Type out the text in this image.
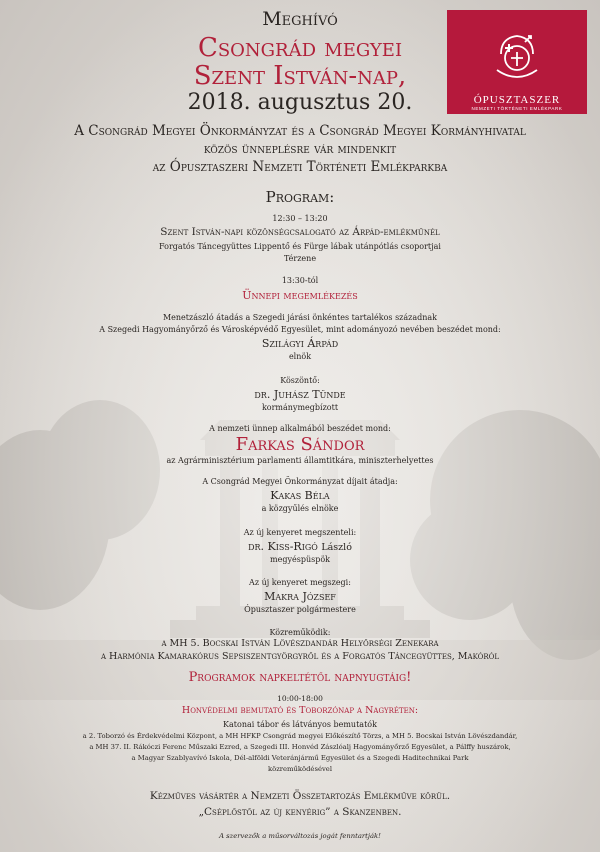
ÓPUSZTASZER
NEMZETI TÖRTÉNETI EMLÉKPARK
Meghívó
Csongrád megyei
Szent István-nap,
2018. augusztus 20.
A Csongrád Megyei Önkormányzat és a Csongrád Megyei Kormányhivatal
közös ünneplésre vár mindenkit
az Ópusztaszeri Nemzeti Történeti Emlékparkba
Program:
12:30 – 13:20
Szent István-napi közönségcsalogató az Árpád-emlékműnél
Forgatós Táncegyüttes Lippentő és Fürge lábak utánpótlás csoportjai
Térzene
13:30-tól
Ünnepi megemlékezés
Menetzászló átadás a Szegedi járási önkéntes tartalékos századnak
A Szegedi Hagyományőrző és Városképvédő Egyesület, mint adományozó nevében beszédet mond:
Szilágyi Árpád
elnök
Köszöntő:
dr. Juhász Tünde
kormánymegbízott
A nemzeti ünnep alkalmából beszédet mond:
Farkas Sándor
az Agrárminisztérium parlamenti államtitkára, miniszterhelyettes
A Csongrád Megyei Önkormányzat díjait átadja:
Kakas Béla
a közgyűlés elnöke
Az új kenyeret megszenteli:
dr. Kiss-Rigó László
megyéspüspök
Az új kenyeret megszegi:
Makra József
Ópusztaszer polgármestere
Közreműködik:
a MH 5. Bocskai István Lövészdandár Helyőrségi Zenekara
a Harmónia Kamarakórus Sepsiszentgyörgyről és a Forgatós Táncegyüttes, Makóról
Programok napkeltétől napnyugtáig!
10:00-18:00
Honvédelmi bemutató és Toborzónap a Nagyréten:
Katonai tábor és látványos bemutatók
a 2. Toborzó és Érdekvédelmi Központ, a MH HFKP Csongrád megyei Előkészítő Törzs, a MH 5. Bocskai István Lövészdandár,
a MH 37. II. Rákóczi Ferenc Műszaki Ezred, a Szegedi III. Honvéd Zászlóalj Hagyományőrző Egyesület, a Pálffy huszárok,
a Magyar Szablyavívó Iskola, Dél-alföldi Veteránjármű Egyesület és a Szegedi Haditechnikai Park
közreműködésével
Kézműves vásártér a Nemzeti Összetartozás Emlékműve körül.
„Cséplőstől az új kenyérig” a Skanzenben.
A szervezők a műsorváltozás jogát fenntartják!
